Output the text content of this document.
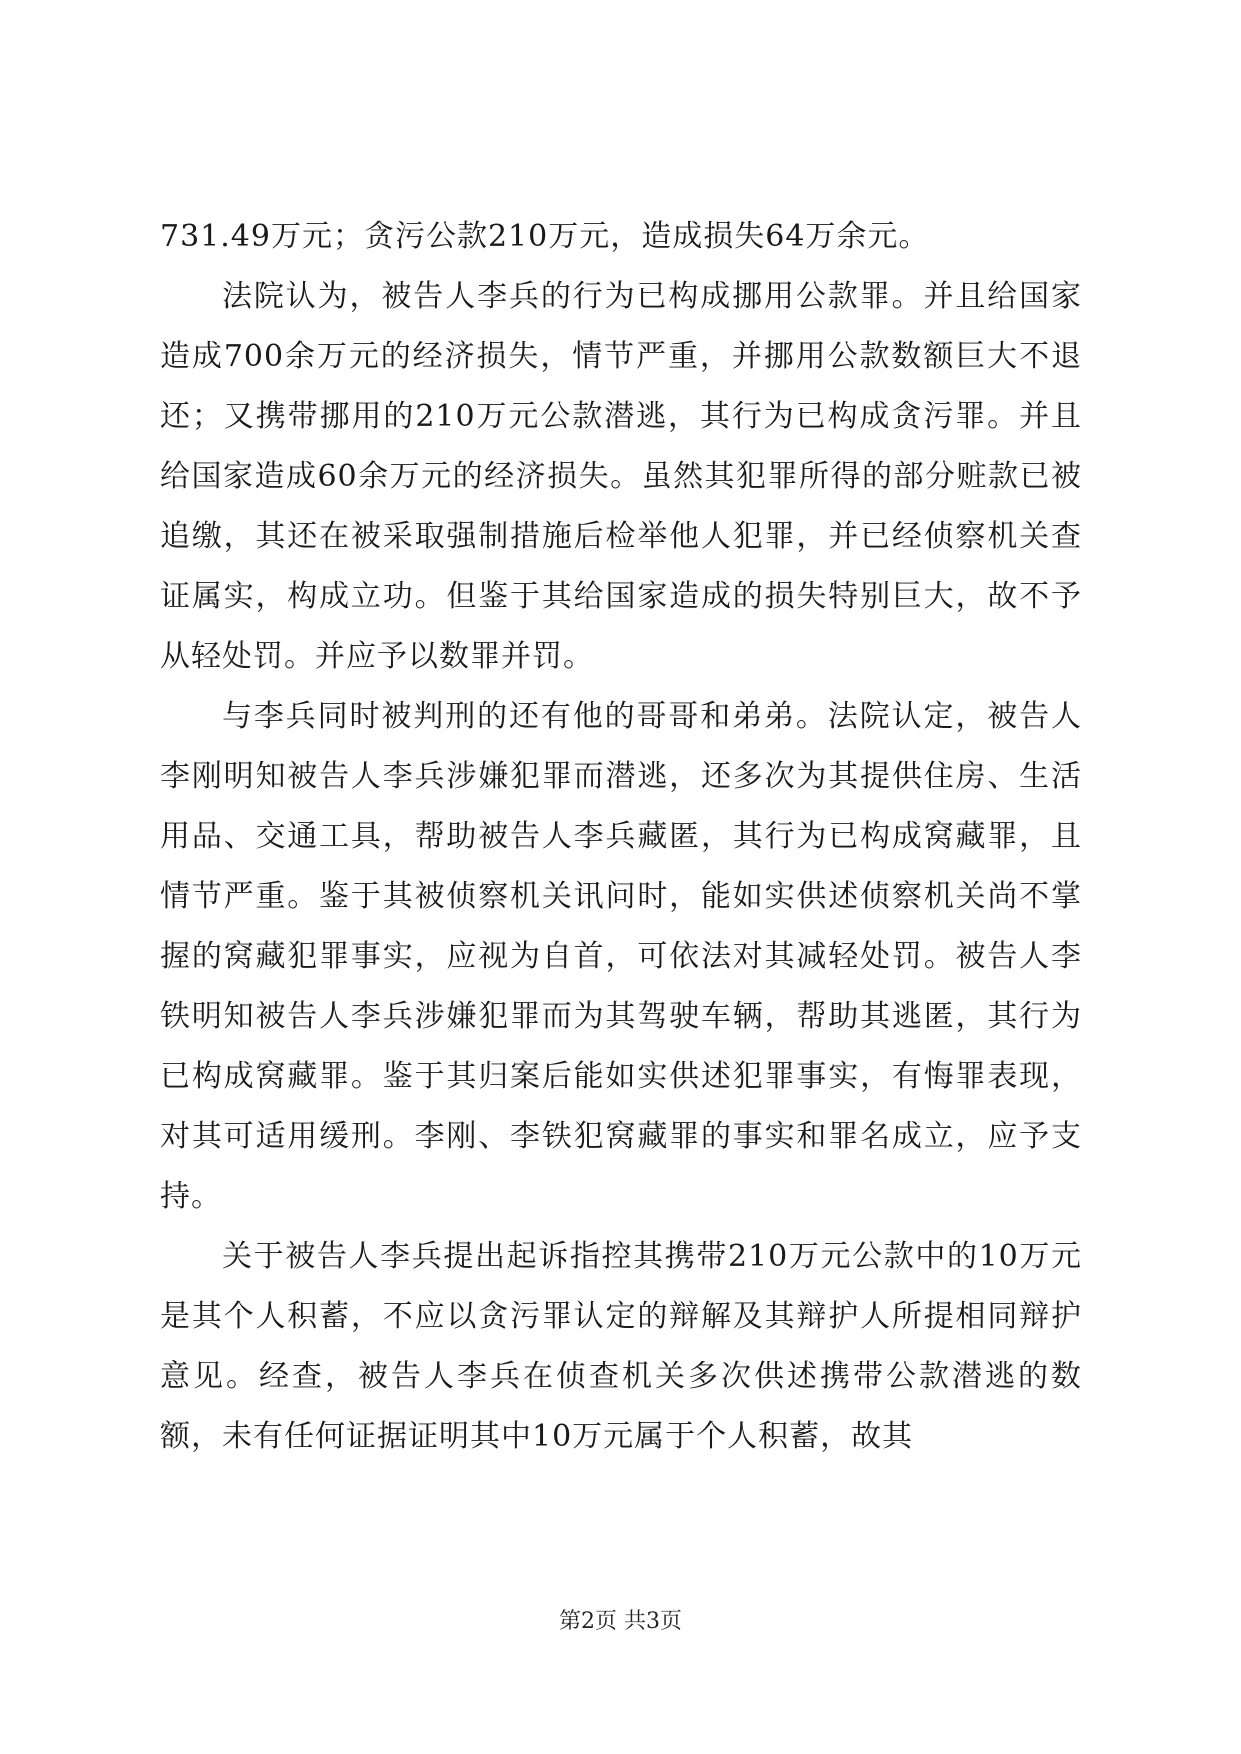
731.49万元；贪污公款210万元，造成损失64万余元。

法院认为，被告人李兵的行为已构成挪用公款罪。并且给国家造成700余万元的经济损失，情节严重，并挪用公款数额巨大不退还；又携带挪用的210万元公款潜逃，其行为已构成贪污罪。并且给国家造成60余万元的经济损失。虽然其犯罪所得的部分赃款已被追缴，其还在被采取强制措施后检举他人犯罪，并已经侦察机关查证属实，构成立功。但鉴于其给国家造成的损失特别巨大，故不予从轻处罚。并应予以数罪并罚。

与李兵同时被判刑的还有他的哥哥和弟弟。法院认定，被告人李刚明知被告人李兵涉嫌犯罪而潜逃，还多次为其提供住房、生活用品、交通工具，帮助被告人李兵藏匿，其行为已构成窝藏罪，且情节严重。鉴于其被侦察机关讯问时，能如实供述侦察机关尚不掌握的窝藏犯罪事实，应视为自首，可依法对其减轻处罚。被告人李铁明知被告人李兵涉嫌犯罪而为其驾驶车辆，帮助其逃匿，其行为已构成窝藏罪。鉴于其归案后能如实供述犯罪事实，有悔罪表现，对其可适用缓刑。李刚、李铁犯窝藏罪的事实和罪名成立，应予支持。

关于被告人李兵提出起诉指控其携带210万元公款中的10万元是其个人积蓄，不应以贪污罪认定的辩解及其辩护人所提相同辩护意见。经查，被告人李兵在侦查机关多次供述携带公款潜逃的数额，未有任何证据证明其中10万元属于个人积蓄，故其

第2页 共3页
